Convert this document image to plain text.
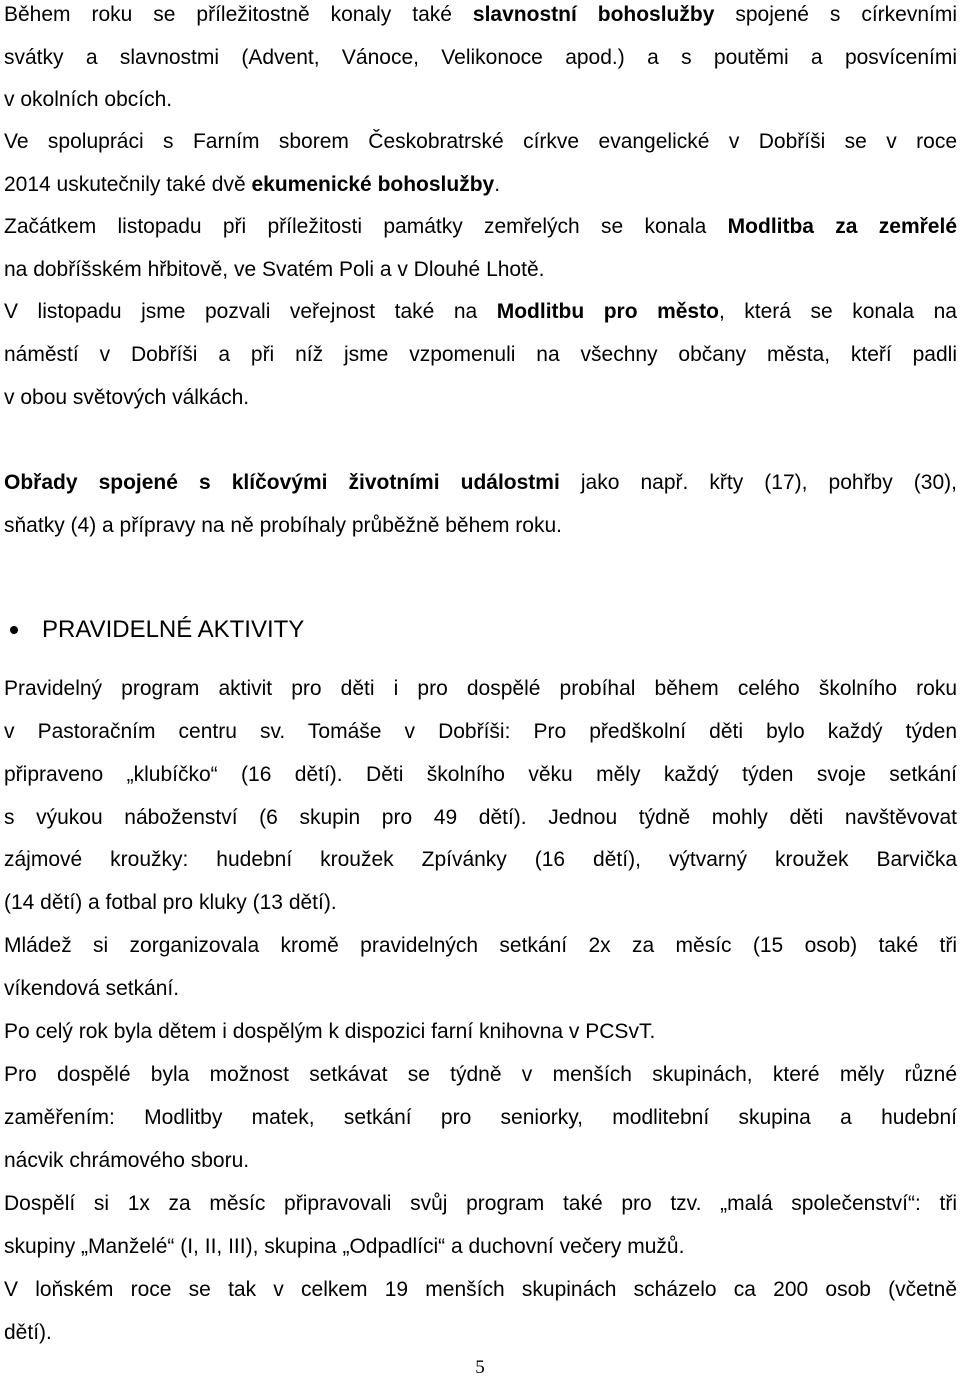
Během roku se příležitostně konaly také slavnostní bohoslužby spojené s církevními
svátky a slavnostmi (Advent, Vánoce, Velikonoce apod.) a s poutěmi a posvíceními
v okolních obcích.
Ve spolupráci s Farním sborem Českobratrské církve evangelické v Dobříši se v roce
2014 uskutečnily také dvě ekumenické bohoslužby.
Začátkem listopadu při příležitosti památky zemřelých se konala Modlitba za zemřelé
na dobříšském hřbitově, ve Svatém Poli a v Dlouhé Lhotě.
V listopadu jsme pozvali veřejnost také na Modlitbu pro město, která se konala na
náměstí v Dobříši a při níž jsme vzpomenuli na všechny občany města, kteří padli
v obou světových válkách.
Obřady spojené s klíčovými životními událostmi jako např. křty (17), pohřby (30),
sňatky (4) a přípravy na ně probíhaly průběžně během roku.
PRAVIDELNÉ AKTIVITY
Pravidelný program aktivit pro děti i pro dospělé probíhal během celého školního roku
v Pastoračním centru sv. Tomáše v Dobříši: Pro předškolní děti bylo každý týden
připraveno „klubíčko“ (16 dětí). Děti školního věku měly každý týden svoje setkání
s výukou náboženství (6 skupin pro 49 dětí). Jednou týdně mohly děti navštěvovat
zájmové kroužky: hudební kroužek Zpívánky (16 dětí), výtvarný kroužek Barvička
(14 dětí) a fotbal pro kluky (13 dětí).
Mládež si zorganizovala kromě pravidelných setkání 2x za měsíc (15 osob) také tři
víkendová setkání.
Po celý rok byla dětem i dospělým k dispozici farní knihovna v PCSvT.
Pro dospělé byla možnost setkávat se týdně v menších skupinách, které měly různé
zaměřením: Modlitby matek, setkání pro seniorky, modlitební skupina a hudební
nácvik chrámového sboru.
Dospělí si 1x za měsíc připravovali svůj program také pro tzv. „malá společenství“: tři
skupiny „Manželé“ (I, II, III), skupina „Odpadlíci“ a duchovní večery mužů.
V loňském roce se tak v celkem 19 menších skupinách scházelo ca 200 osob (včetně
dětí).
5
